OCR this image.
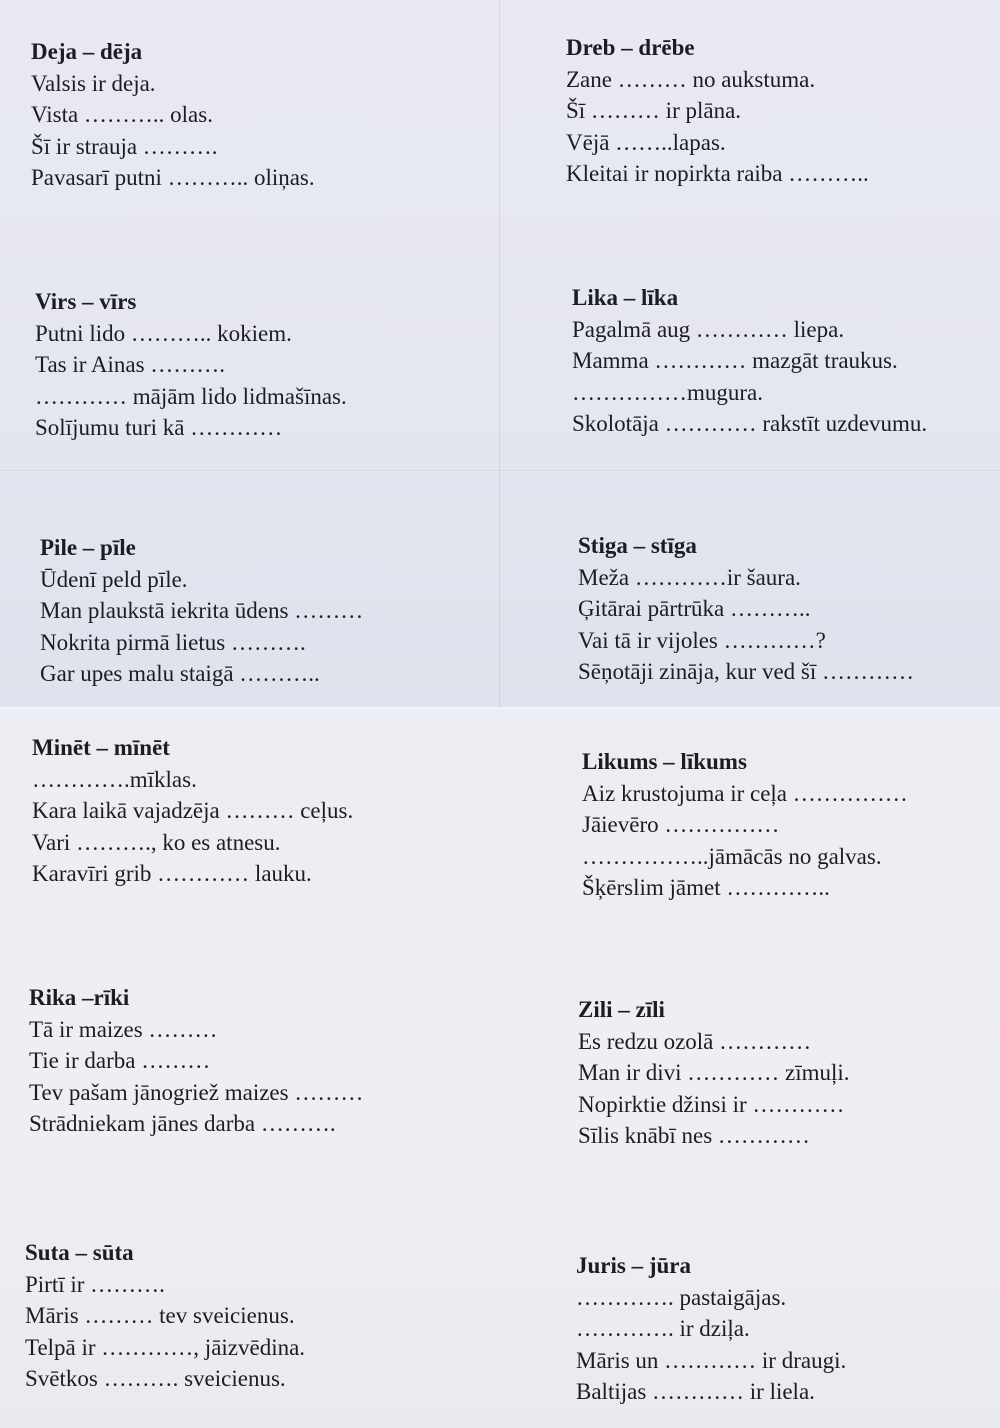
Deja – dēja
Valsis ir deja.
Vista ……….. olas.
Šī ir strauja ……….
Pavasarī putni ……….. oliņas.
Dreb – drēbe
Zane ……… no aukstuma.
Šī ……… ir plāna.
Vējā ……..lapas.
Kleitai ir nopirkta raiba ………..
Virs – vīrs
Putni lido ……….. kokiem.
Tas ir Ainas ……….
………… mājām lido lidmašīnas.
Solījumu turi kā …………
Lika – līka
Pagalmā aug ………… liepa.
Mamma ………… mazgāt traukus.
……………mugura.
Skolotāja ………… rakstīt uzdevumu.
Pile – pīle
Ūdenī peld pīle.
Man plaukstā iekrita ūdens ………
Nokrita pirmā lietus ……….
Gar upes malu staigā ………..
Stiga – stīga
Meža …………ir šaura.
Ģitārai pārtrūka ………..
Vai tā ir vijoles …………?
Sēņotāji zināja, kur ved šī …………
Minēt – mīnēt
………….mīklas.
Kara laikā vajadzēja ……… ceļus.
Vari ………., ko es atnesu.
Karavīri grib ………… lauku.
Likums – līkums
Aiz krustojuma ir ceļa ……………
Jāievēro ……………
……………..jāmācās no galvas.
Šķērslim jāmet …………..
Rika –rīki
Tā ir maizes ………
Tie ir darba ………
Tev pašam jānogriež maizes ………
Strādniekam jānes darba ……….
Zili – zīli
Es redzu ozolā …………
Man ir divi ………… zīmuļi.
Nopirktie džinsi ir …………
Sīlis knābī nes …………
Suta – sūta
Pirtī ir ……….
Māris ……… tev sveicienus.
Telpā ir …………, jāizvēdina.
Svētkos ………. sveicienus.
Juris – jūra
…………. pastaigājas.
…………. ir dziļa.
Māris un ………… ir draugi.
Baltijas ………… ir liela.
